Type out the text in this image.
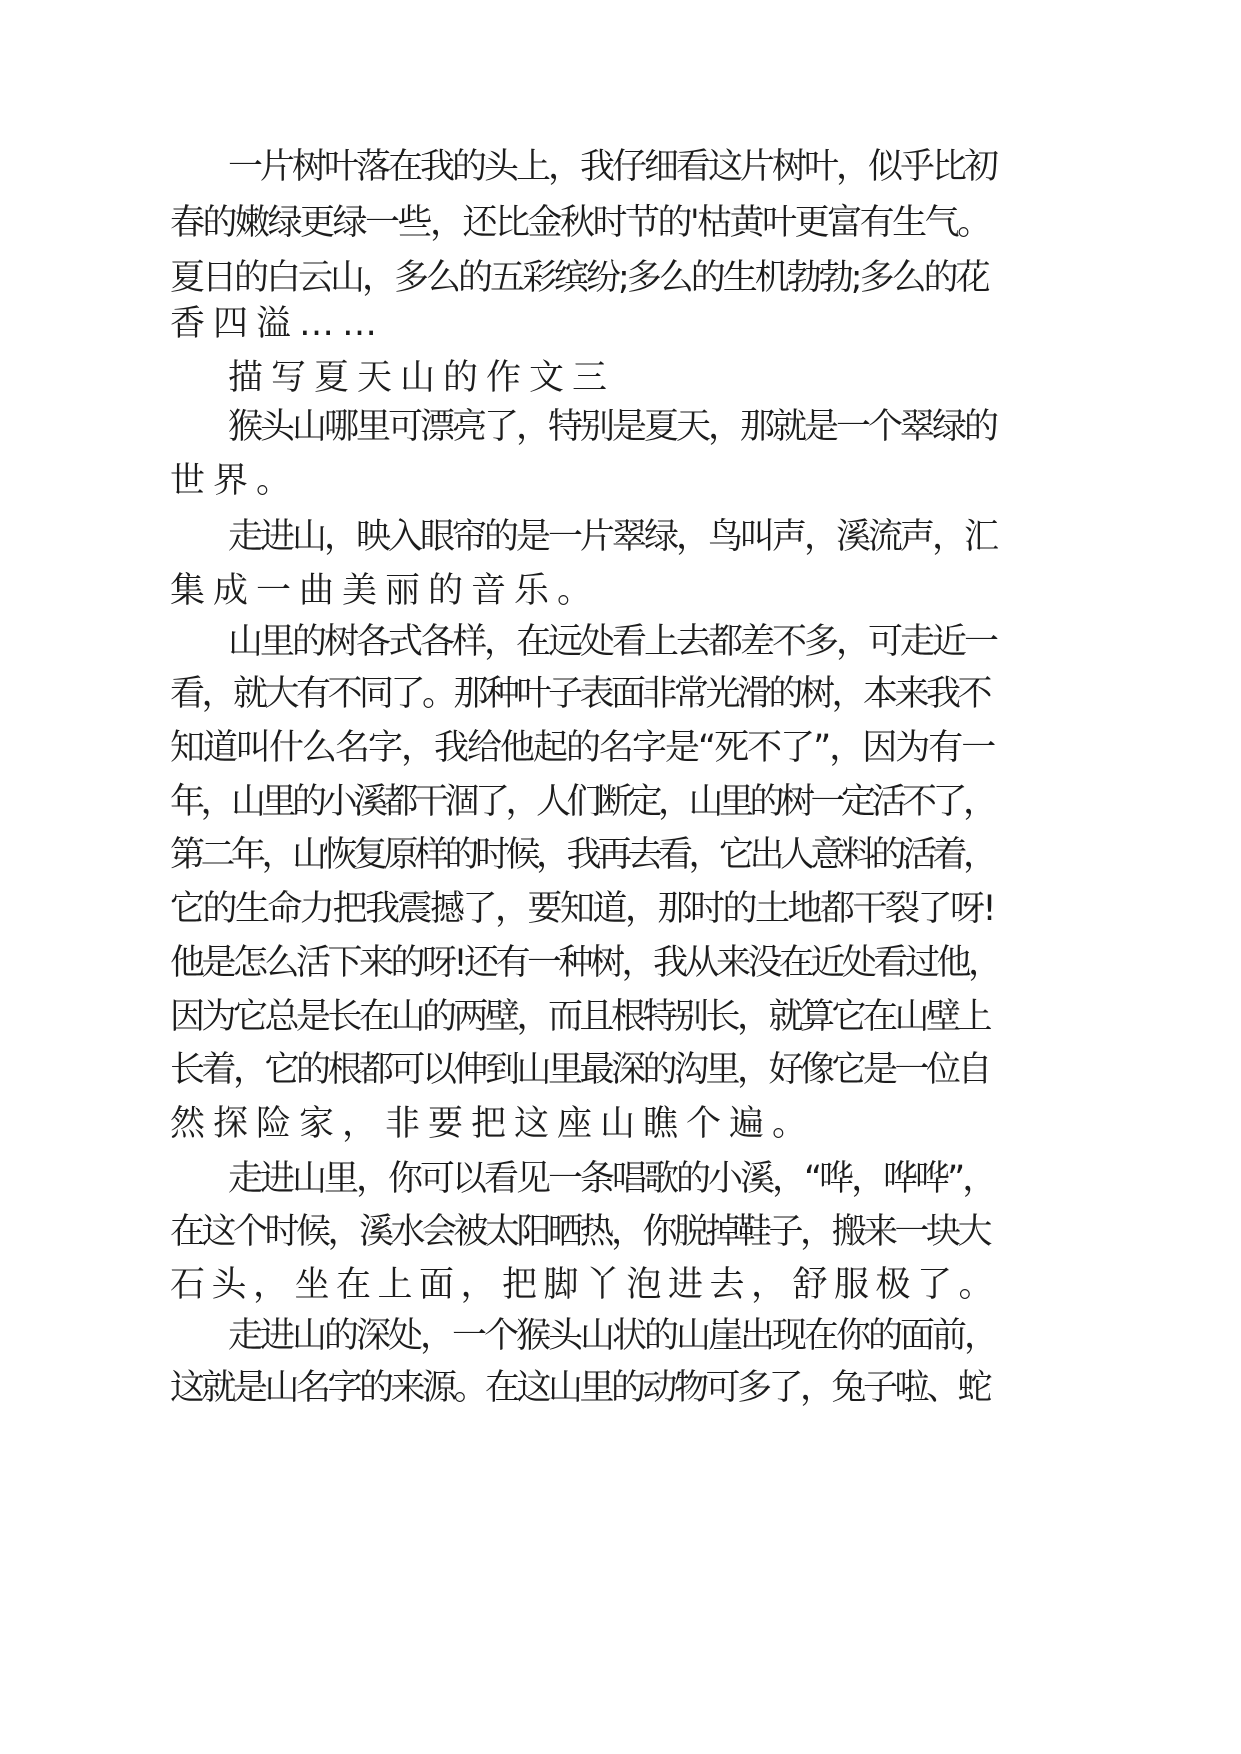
一片树叶落在我的头上，我仔细看这片树叶，似乎比初

春的嫩绿更绿一些，还比金秋时节的'枯黄叶更富有生气。

夏日的白云山，多么的五彩缤纷;多么的生机勃勃;多么的花

香四溢……

描写夏天山的作文三

猴头山哪里可漂亮了，特别是夏天，那就是一个翠绿的

世界。

走进山，映入眼帘的是一片翠绿，鸟叫声，溪流声，汇

集成一曲美丽的音乐。

山里的树各式各样，在远处看上去都差不多，可走近一

看，就大有不同了。那种叶子表面非常光滑的树，本来我不

知道叫什么名字，我给他起的名字是“死不了”，因为有一

年，山里的小溪都干涸了，人们断定，山里的树一定活不了，

第二年，山恢复原样的时候，我再去看，它出人意料的活着，

它的生命力把我震撼了，要知道，那时的土地都干裂了呀!

他是怎么活下来的呀!还有一种树，我从来没在近处看过他，

因为它总是长在山的两壁，而且根特别长，就算它在山壁上

长着，它的根都可以伸到山里最深的沟里，好像它是一位自

然探险家，非要把这座山瞧个遍。

走进山里，你可以看见一条唱歌的小溪，“哗，哗哗”，

在这个时候，溪水会被太阳晒热，你脱掉鞋子，搬来一块大

石头，坐在上面，把脚丫泡进去，舒服极了。

走进山的深处，一个猴头山状的山崖出现在你的面前，

这就是山名字的来源。在这山里的动物可多了，兔子啦、蛇
